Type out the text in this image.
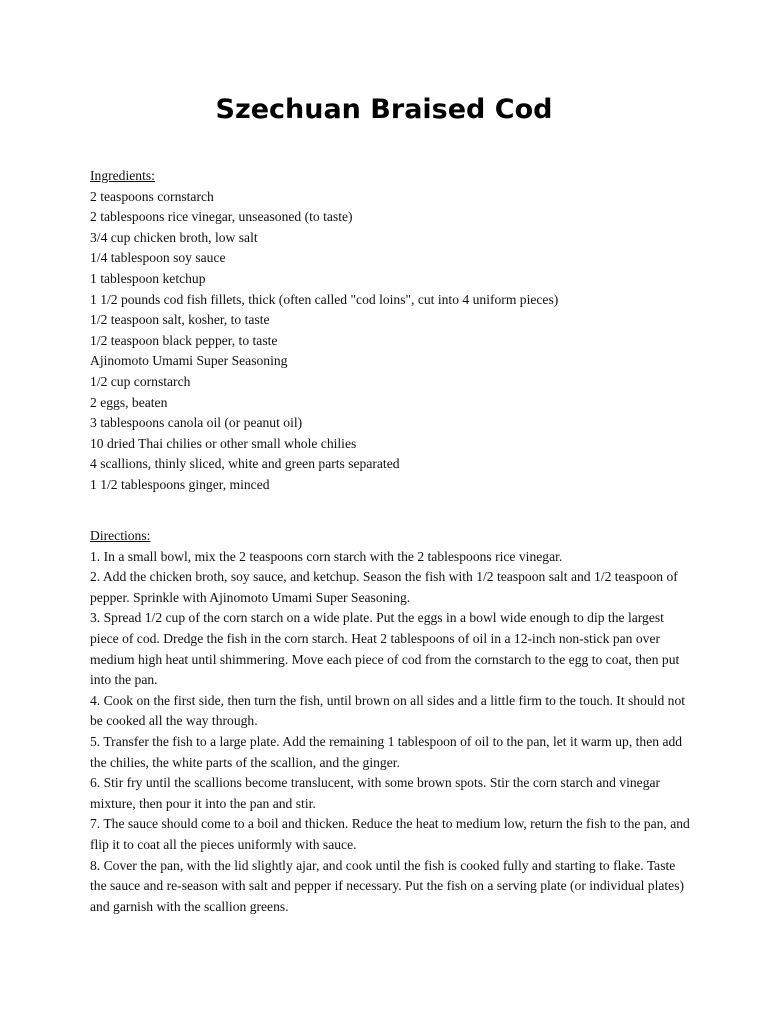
Szechuan Braised Cod
Ingredients:
2 teaspoons cornstarch
2 tablespoons rice vinegar, unseasoned (to taste)
3/4 cup chicken broth, low salt
1/4 tablespoon soy sauce
1 tablespoon ketchup
1 1/2 pounds cod fish fillets, thick (often called "cod loins", cut into 4 uniform pieces)
1/2 teaspoon salt, kosher, to taste
1/2 teaspoon black pepper, to taste
Ajinomoto Umami Super Seasoning
1/2 cup cornstarch
2 eggs, beaten
3 tablespoons canola oil (or peanut oil)
10 dried Thai chilies or other small whole chilies
4 scallions, thinly sliced, white and green parts separated
1 1/2 tablespoons ginger, minced
Directions:
1. In a small bowl, mix the 2 teaspoons corn starch with the 2 tablespoons rice vinegar.
2. Add the chicken broth, soy sauce, and ketchup. Season the fish with 1/2 teaspoon salt and 1/2 teaspoon of pepper. Sprinkle with Ajinomoto Umami Super Seasoning.
3. Spread 1/2 cup of the corn starch on a wide plate. Put the eggs in a bowl wide enough to dip the largest piece of cod. Dredge the fish in the corn starch. Heat 2 tablespoons of oil in a 12-inch non-stick pan over medium high heat until shimmering. Move each piece of cod from the cornstarch to the egg to coat, then put into the pan.
4. Cook on the first side, then turn the fish, until brown on all sides and a little firm to the touch. It should not be cooked all the way through.
5. Transfer the fish to a large plate. Add the remaining 1 tablespoon of oil to the pan, let it warm up, then add the chilies, the white parts of the scallion, and the ginger.
6. Stir fry until the scallions become translucent, with some brown spots. Stir the corn starch and vinegar mixture, then pour it into the pan and stir.
7. The sauce should come to a boil and thicken. Reduce the heat to medium low, return the fish to the pan, and flip it to coat all the pieces uniformly with sauce.
8. Cover the pan, with the lid slightly ajar, and cook until the fish is cooked fully and starting to flake. Taste the sauce and re-season with salt and pepper if necessary. Put the fish on a serving plate (or individual plates) and garnish with the scallion greens.
